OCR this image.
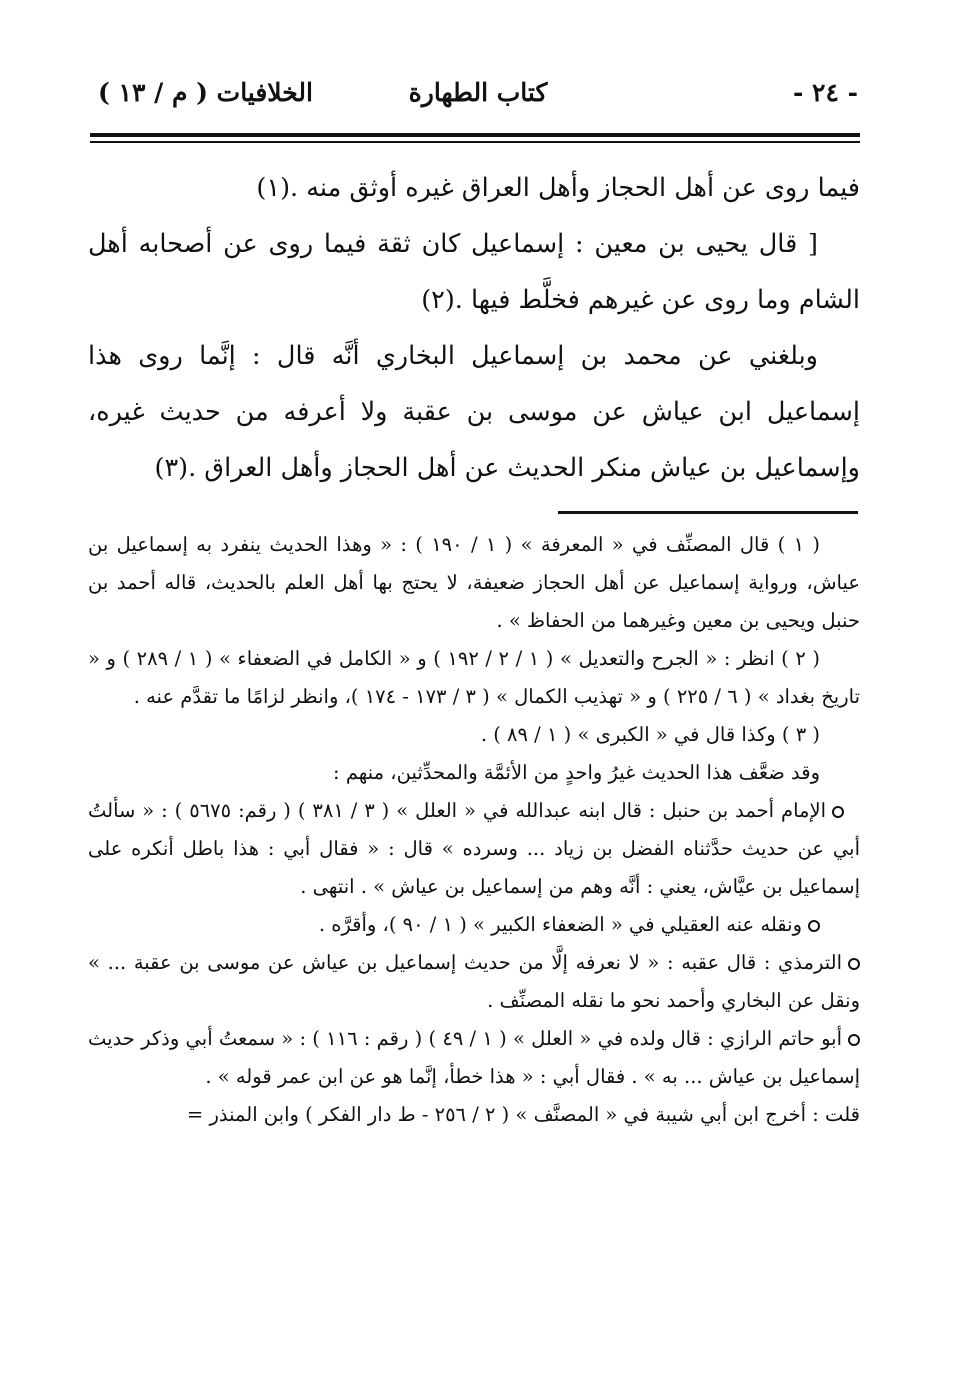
- ٢٤ -
كتاب الطهارة
الخلافيات ( م / ١٣ )

فيما روى عن أهل الحجاز وأهل العراق غيره أوثق منه .(١)

[ قال يحيى بن معين : إسماعيل كان ثقة فيما روى عن أصحابه أهل الشام وما روى عن غيرهم فخلَّط فيها .(٢)

وبلغني عن محمد بن إسماعيل البخاري أنَّه قال : إنَّما روى هذا إسماعيل ابن عياش عن موسى بن عقبة ولا أعرفه من حديث غيره، وإسماعيل بن عياش منكر الحديث عن أهل الحجاز وأهل العراق .(٣)

( ١ ) قال المصنِّف في « المعرفة » ( ١ / ١٩٠ ) : « وهذا الحديث ينفرد به إسماعيل بن عياش، ورواية إسماعيل عن أهل الحجاز ضعيفة، لا يحتج بها أهل العلم بالحديث، قاله أحمد بن حنبل ويحيى بن معين وغيرهما من الحفاظ » .

( ٢ ) انظر : « الجرح والتعديل » ( ١ / ٢ / ١٩٢ ) و « الكامل في الضعفاء » ( ١ / ٢٨٩ ) و « تاريخ بغداد » ( ٦ / ٢٢٥ ) و « تهذيب الكمال » ( ٣ / ١٧٣ - ١٧٤ )، وانظر لزامًا ما تقدَّم عنه .

( ٣ ) وكذا قال في « الكبرى » ( ١ / ٨٩ ) .

وقد ضعَّف هذا الحديث غيرُ واحدٍ من الأئمَّة والمحدِّثين، منهم :

الإمام أحمد بن حنبل : قال ابنه عبدالله في « العلل » ( ٣ / ٣٨١ ) ( رقم: ٥٦٧٥ ) : « سألتُ أبي عن حديث حدَّثناه الفضل بن زياد ... وسرده » قال : « فقال أبي : هذا باطل أنكره على إسماعيل بن عيَّاش، يعني : أنَّه وهم من إسماعيل بن عياش » . انتهى .

ونقله عنه العقيلي في « الضعفاء الكبير » ( ١ / ٩٠ )، وأقرَّه .

الترمذي : قال عقبه : « لا نعرفه إلَّا من حديث إسماعيل بن عياش عن موسى بن عقبة ... » ونقل عن البخاري وأحمد نحو ما نقله المصنِّف .

أبو حاتم الرازي : قال ولده في « العلل » ( ١ / ٤٩ ) ( رقم : ١١٦ ) : « سمعتُ أبي وذكر حديث إسماعيل بن عياش ... به » . فقال أبي : « هذا خطأ، إنَّما هو عن ابن عمر قوله » .

قلت : أخرج ابن أبي شيبة في « المصنَّف » ( ٢ / ٢٥٦ - ط دار الفكر ) وابن المنذر =
